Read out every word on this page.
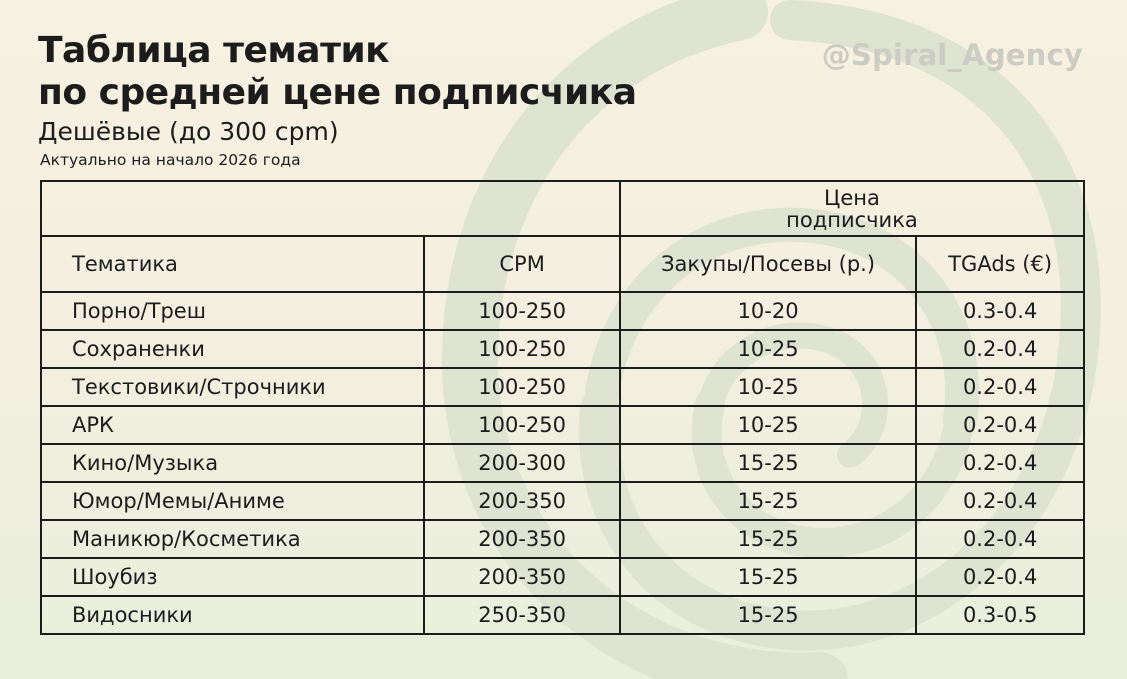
Таблица тематик
по средней цене подписчика
Дешёвые (до 300 cpm)
Актуально на начало 2026 года
@Spiral_Agency

		Цена
подписчика	

Тематика	CPM	Закупы/Посевы (р.)	TGAds (€)
Порно/Треш	100-250	10-20	0.3-0.4
Сохраненки	100-250	10-25	0.2-0.4
Текстовики/Строчники	100-250	10-25	0.2-0.4
АРК	100-250	10-25	0.2-0.4
Кино/Музыка	200-300	15-25	0.2-0.4
Юмор/Мемы/Аниме	200-350	15-25	0.2-0.4
Маникюр/Косметика	200-350	15-25	0.2-0.4
Шоубиз	200-350	15-25	0.2-0.4
Видосники	250-350	15-25	0.3-0.5
